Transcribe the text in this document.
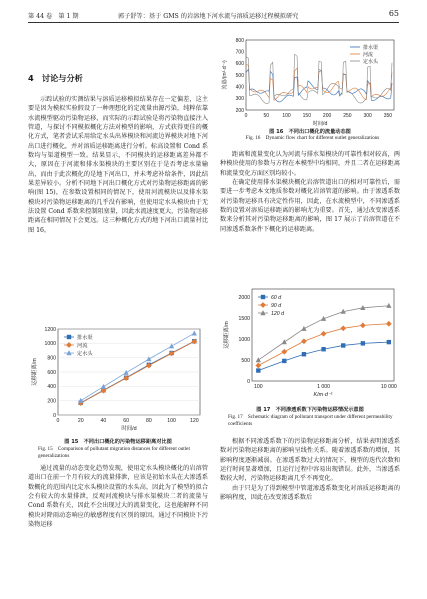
第 44 卷　第 1 期	郭子舒等：基于 GMS 的岩溶地下河水流与溶质运移过程模拟研究	65
4　讨论与分析

示踪试验的实测结果与溶质运移模拟结果存在一定偏差，这主要是因为模拟实验假设了一种理想化的定流量由源污染，纯粹依靠水流模型驱动污染物运移，而实际的示踪试验是将污染物直接注入管道，与探讨不同模拟概化方法对模型的影响，方式获得更佳的概化方式，笔者尝试采用给定水头出界模块和河流边界模块对地下河出口进行概化，并对溶质运移距离进行分析。标高设置和 Cond 系数均与渠道模型一致。结果显示，不同模块的运移距离差异都不大，原因在于河流和排水渠模块的主要区别在于是否考虑水量输出，而由于此次概化的是地下河出口，并未考虑补给条件，因此结果差异较小。分析不同地下河出口概化方式对污染物运移距离的影响(图 15)，在参数设置相同的情况下，使用河流模块以及排水渠模块对污染物运移距离的几乎没有影响，但使用定水头模块由于无法设置 Cond 系数来控制阻塞量，因此水流速度更大，污染物运移距离在相同情况下会更远。这三种概化方式的地下河出口流量衬比图 16。

0
200
400
600
800
1000
1200
0	20	40	60	80	100	120
时间/d
运移距离/m
排水渠
河流
定水头
图 15　不同出口概化的污染物运移距离对比图
Fig. 15　Comparison of pollutant migration distances for different outlet generalizations

通过流量的动态变化趋势发现，使用定水头模块概化的岩溶管道出口在前一个月有较大的流量排泄，应该是初始水头在大渗透系数概化的范围内比定水头模块设置的水头高，因此为了模型的拟合会有较大的水量排泄，反观河流模块与排水渠模块二者的流量与 Cond 系数有关，因此不会出现过大的流量变化，这也能解释不同模块对降雨动态响应的敏感程度有区别的原因。通过不同模块下污染物运移

200
300
400
500
600
700
800
0	50	100 150 200 250 300 350
时间/d
流量/(m³·d⁻¹)
排水渠
河流
定水头
图 16　不同出口概化的流量动态图
Fig. 16　Dynamic flow chart for different outlet generalizations

距离和流量变化认为河流与排水渠模块的可靠性相对较高，两种模块使用的参数与方程在本模型中均相同，并且二者在运移距离和流量变化方面区别均较小。

在确定使用排水渠模块概化岩溶管道出口的相对可靠性后，需要进一步考虑本文地质参数对概化岩溶管道的影响。由于渗透系数对污染物运移具有决定性作用，因此，在水流模型中，不同渗透系数的设置对溶质运移距离的影响尤为重要。首先，通过改变渗透系数来分析其对污染物运移距离的影响，图 17 展示了岩溶管道在不同渗透系数条件下概化的运移距离。

0
500
1000
1500
2000
100	1 000	10 000
K/m·d⁻¹
运移距离/m
60 d
90 d
120 d
图 17　不同渗透系数下污染物运移情况示意图
Fig. 17　Schematic diagram of pollutant transport under different permeability coefficients

根据不同渗透系数下的污染物运移距离分析，结果表明渗透系数对污染物运移距离的影响呈线性关系。随着渗透系数的增加，其影响程度逐渐减弱。在渗透系数过大的情况下，模型的迭代次数和运行时间显著增加，且运行过程中容易出现错误。此外，当渗透系数较大时，污染物运移距离几乎不再变化。

由于只是为了得到模型中管道渗透系数变化对溶质运移距离的影响程度，因此在改变渗透系数后
